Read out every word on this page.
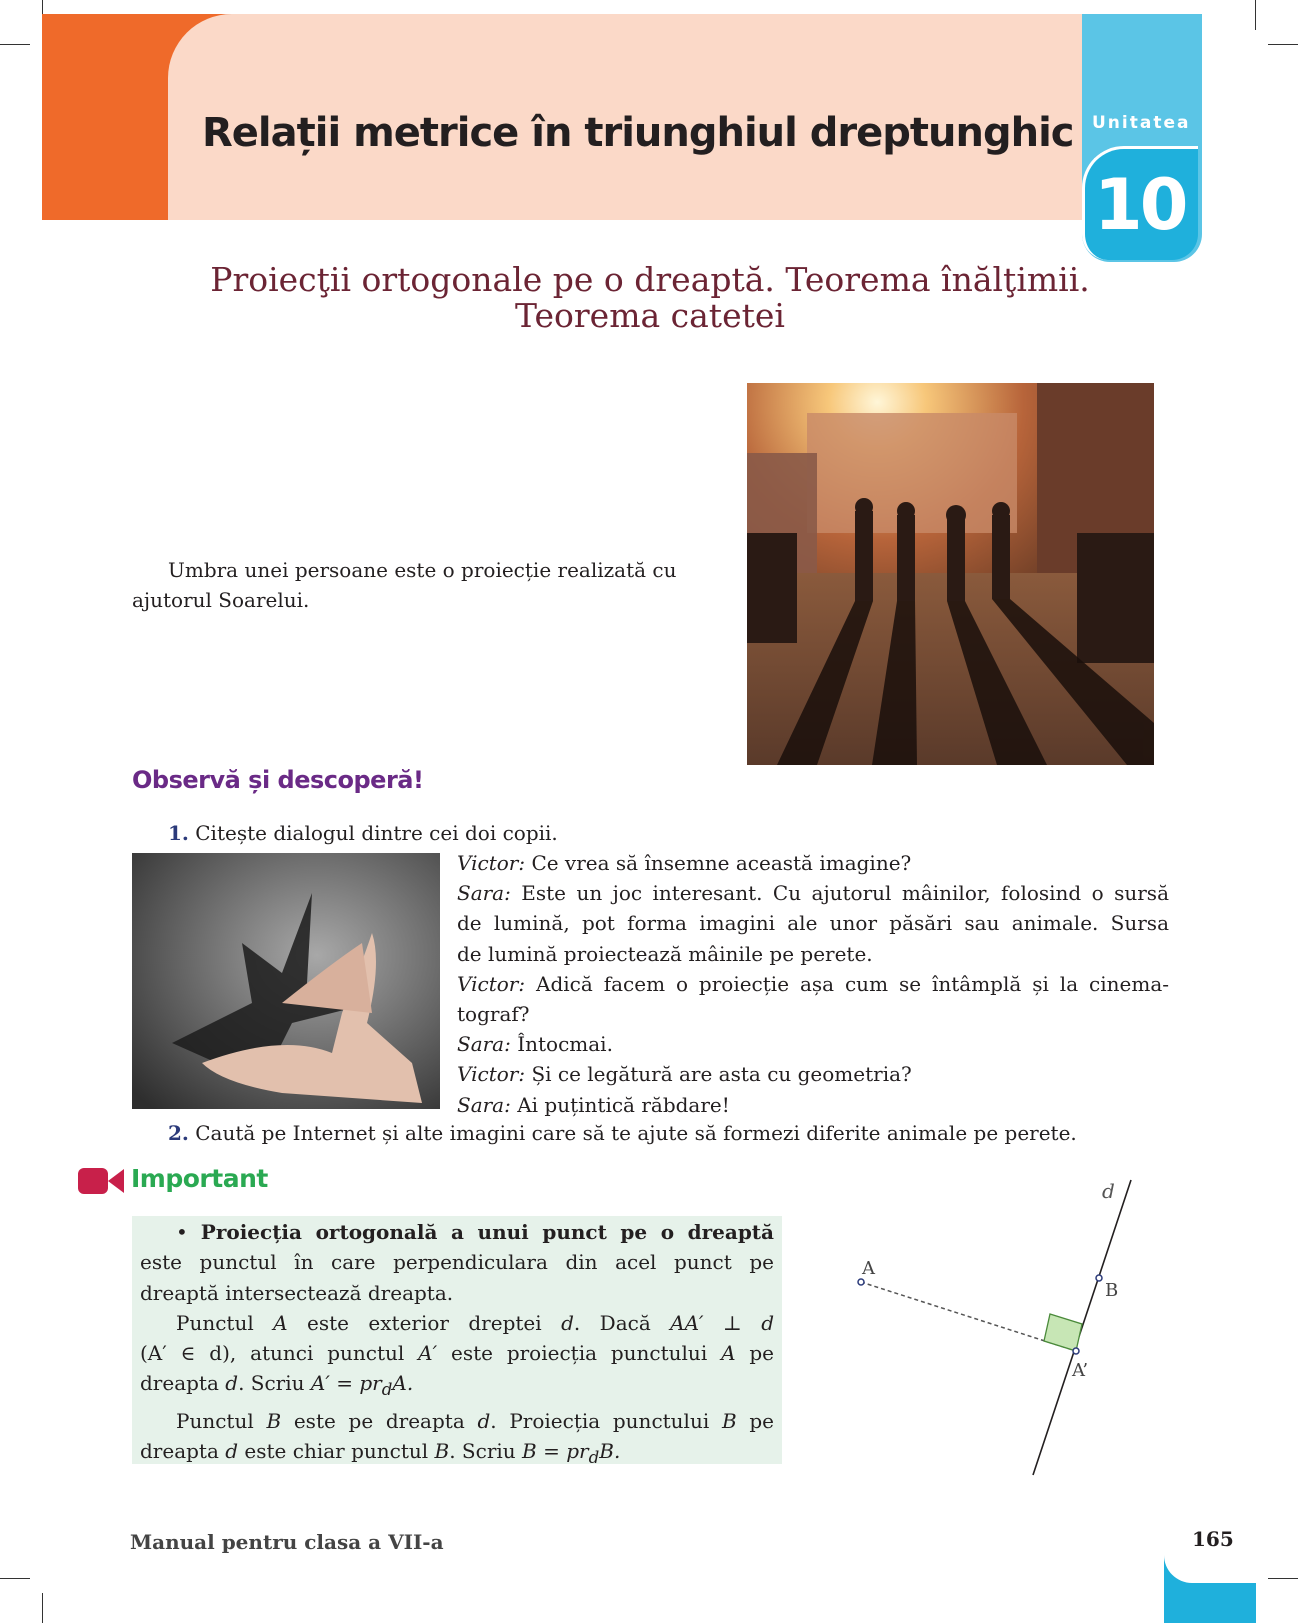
Relații metrice în triunghiul dreptunghic Unitatea
10
Proiecţii ortogonale pe o dreaptă. Teorema înălţimii.
Teorema catetei
Umbra unei persoane este o proiecție realizată cu
ajutorul Soarelui.
Observă și descoperă!
1. Citește dialogul dintre cei doi copii.
Victor: Ce vrea să însemne această imagine?
Sara: Este un joc interesant. Cu ajutorul mâinilor, folosind o sursă
de lumină, pot forma imagini ale unor păsări sau animale. Sursa
de lumină proiectează mâinile pe perete.
Victor: Adică facem o proiecție așa cum se întâmplă și la cinema-
tograf?
Sara: Întocmai.
Victor: Și ce legătură are asta cu geometria?
Sara: Ai puțintică răbdare!
2. Caută pe Internet și alte imagini care să te ajute să formezi diferite animale pe perete.
Important
• Proiecția ortogonală a unui punct pe o dreaptă
este punctul în care perpendiculara din acel punct pe
dreaptă intersectează dreapta.
Punctul A este exterior dreptei d. Dacă AA′ ⊥ d
(A′ ∈ d), atunci punctul A′ este proiecția punctului A pe
dreapta d. Scriu $A' = pr_dA$.
Punctul B este pe dreapta d. Proiecția punctului B pe
dreapta d este chiar punctul B. Scriu $B = pr_dB$.
d
A
B
A’
Manual pentru clasa a VII-a	165
